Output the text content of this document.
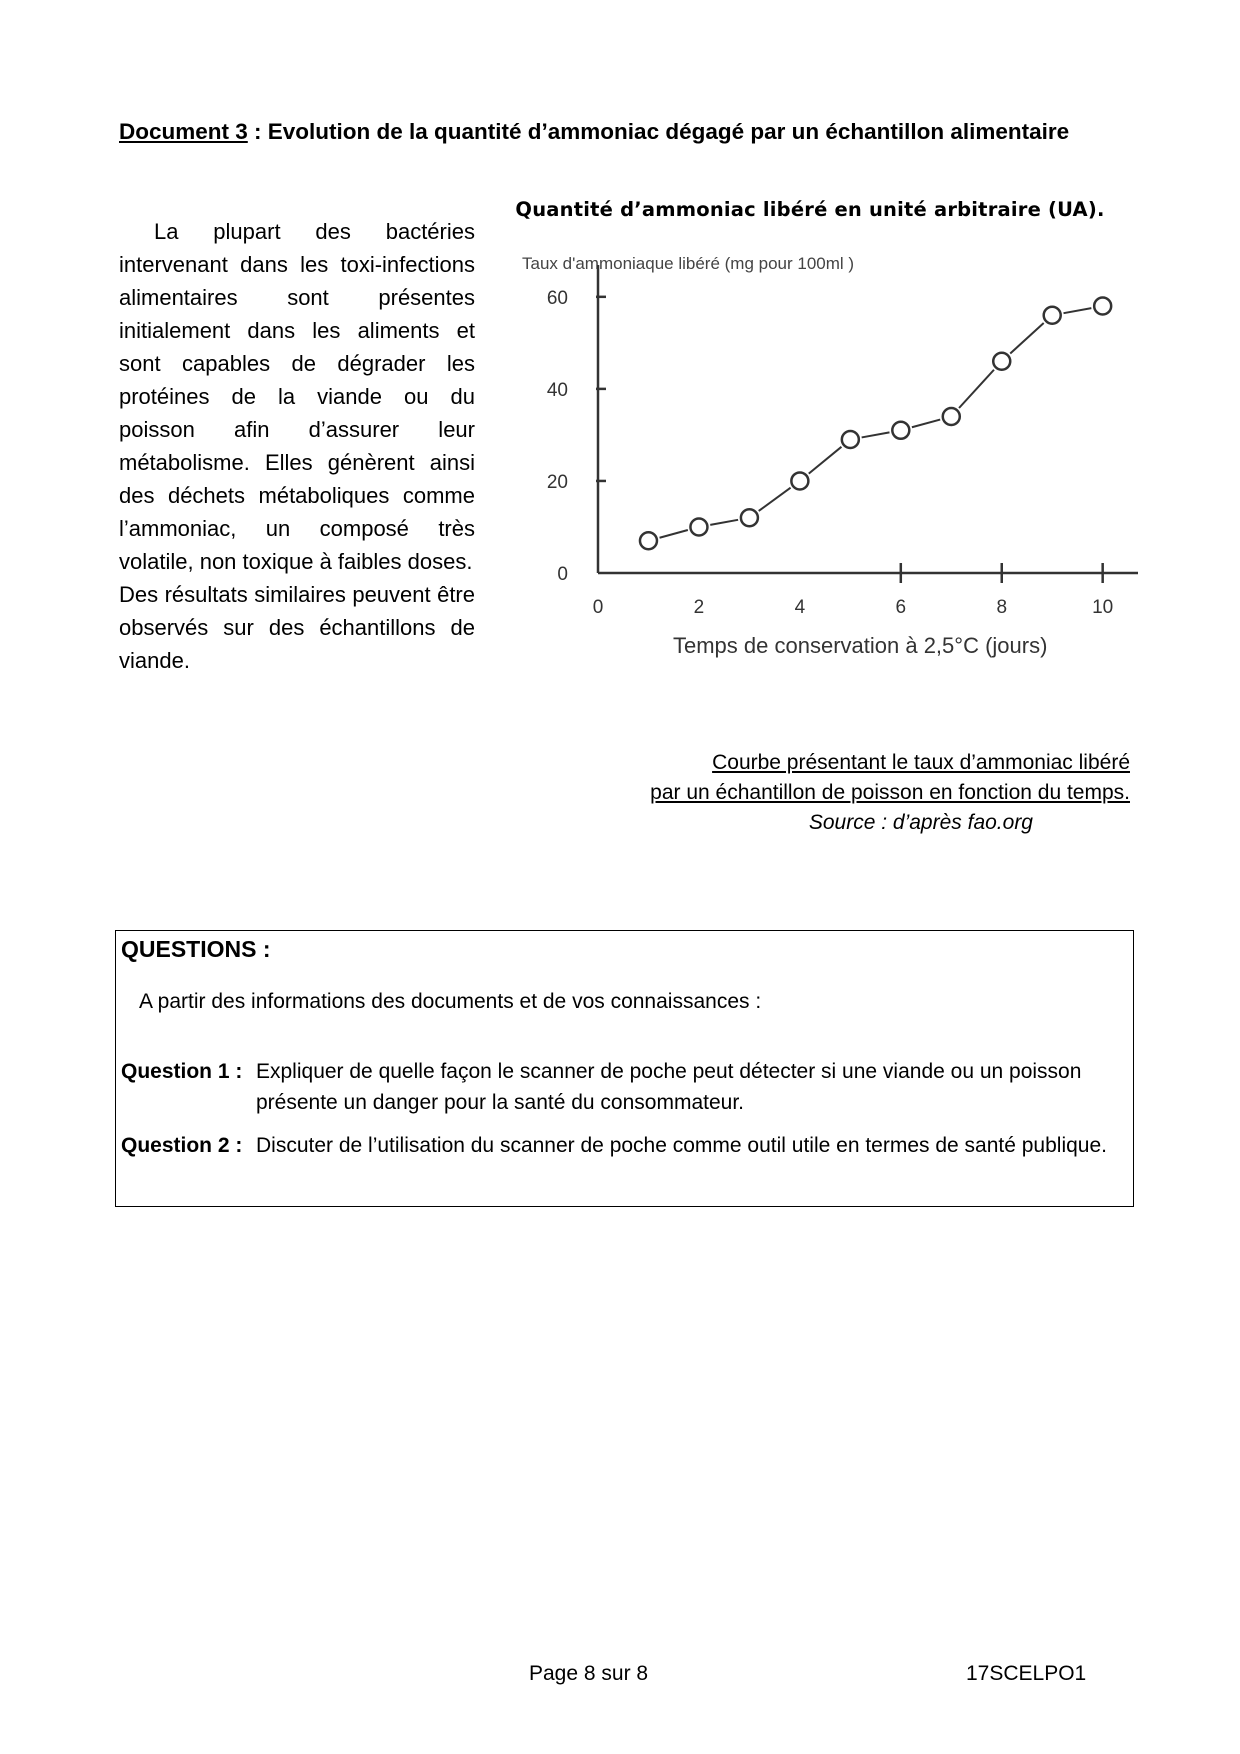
Document 3 : Evolution de la quantité d’ammoniac dégagé par un échantillon alimentaire

La plupart des bactéries intervenant dans les toxi-infections alimentaires sont présentes initialement dans les aliments et sont capables de dégrader les protéines de la viande ou du poisson afin d’assurer leur métabolisme. Elles génèrent ainsi des déchets métaboliques comme l’ammoniac, un composé très volatile, non toxique à faibles doses.

Des résultats similaires peuvent être observés sur des échantillons de viande.

Quantité d’ammoniac libéré en unité arbitraire (UA).
Taux d'ammoniaque libéré (mg pour 100ml )
Temps de conservation à 2,5°C (jours)
0
20
40
60
0	2	4	6	8	10
Courbe présentant le taux d’ammoniac libéré
par un échantillon de poisson en fonction du temps.
Source : d’après fao.org
QUESTIONS :
A partir des informations des documents et de vos connaissances :
Question 1 : Expliquer de quelle façon le scanner de poche peut détecter si une viande ou un poisson présente un danger pour la santé du consommateur.
Question 2 : Discuter de l’utilisation du scanner de poche comme outil utile en termes de santé publique.
Page 8 sur 8	17SCELPO1
